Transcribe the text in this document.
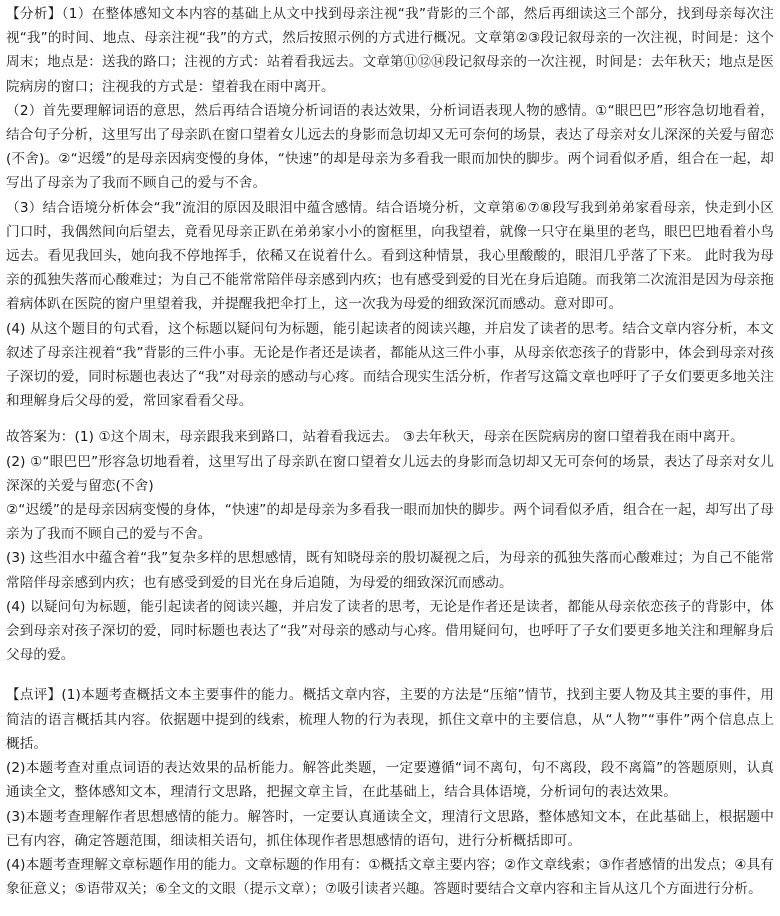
【分析】（1）在整体感知文本内容的基础上从文中找到母亲注视“我”背影的三个部，然后再细读这三个部分，找到母亲每次注视“我”的时间、地点、母亲注视“我”的方式，然后按照示例的方式进行概况。文章第②③段记叙母亲的一次注视，时间是：这个周末；地点是：送我的路口；注视的方式：站着看我远去。文章第⑪⑫⑭段记叙母亲的一次注视，时间是：去年秋天；地点是医院病房的窗口；注视我的方式是：望着我在雨中离开。

（2）首先要理解词语的意思，然后再结合语境分析词语的表达效果，分析词语表现人物的感情。①“眼巴巴”形容急切地看着，结合句子分析，这里写出了母亲趴在窗口望着女儿远去的身影而急切却又无可奈何的场景，表达了母亲对女儿深深的关爱与留恋(不舍)。②“迟缓”的是母亲因病变慢的身体，“快速”的却是母亲为多看我一眼而加快的脚步。两个词看似矛盾，组合在一起，却写出了母亲为了我而不顾自己的爱与不舍。

（3）结合语境分析体会“我”流泪的原因及眼泪中蕴含感情。结合语境分析，文章第⑥⑦⑧段写我到弟弟家看母亲，快走到小区门口时，我偶然间向后望去，竟看见母亲正趴在弟弟家小小的窗框里，向我望着，就像一只守在巢里的老鸟，眼巴巴地看着小鸟远去。看见我回头，她向我不停地挥手，依稀又在说着什么。看到这种情景，我心里酸酸的，眼泪几乎落了下来。 此时我为母亲的孤独失落而心酸难过；为自己不能常常陪伴母亲感到内疚；也有感受到爱的目光在身后追随。而我第二次流泪是因为母亲拖着病体趴在医院的窗户里望着我，并提醒我把伞打上，这一次我为母爱的细致深沉而感动。意对即可。

(4) 从这个题目的句式看，这个标题以疑问句为标题，能引起读者的阅读兴趣，并启发了读者的思考。结合文章内容分析，本文叙述了母亲注视着“我”背影的三件小事。无论是作者还是读者，都能从这三件小事，从母亲依恋孩子的背影中，体会到母亲对孩子深切的爱，同时标题也表达了“我”对母亲的感动与心疼。而结合现实生活分析，作者写这篇文章也呼吁了子女们要更多地关注和理解身后父母的爱，常回家看看父母。

故答案为：(1) ①这个周末，母亲跟我来到路口，站着看我远去。 ③去年秋天，母亲在医院病房的窗口望着我在雨中离开。

(2) ①“眼巴巴”形容急切地看着，这里写出了母亲趴在窗口望着女儿远去的身影而急切却又无可奈何的场景，表达了母亲对女儿深深的关爱与留恋(不舍)

②“迟缓”的是母亲因病变慢的身体，“快速”的却是母亲为多看我一眼而加快的脚步。两个词看似矛盾，组合在一起，却写出了母亲为了我而不顾自己的爱与不舍。

(3) 这些泪水中蕴含着“我”复杂多样的思想感情，既有知晓母亲的殷切凝视之后，为母亲的孤独失落而心酸难过；为自己不能常常陪伴母亲感到内疚；也有感受到爱的目光在身后追随，为母爱的细致深沉而感动。

(4) 以疑问句为标题，能引起读者的阅读兴趣，并启发了读者的思考，无论是作者还是读者，都能从母亲依恋孩子的背影中，体会到母亲对孩子深切的爱，同时标题也表达了“我”对母亲的感动与心疼。借用疑问句，也呼吁了子女们要更多地关注和理解身后父母的爱。

【点评】(1)本题考查概括文本主要事件的能力。概括文章内容，主要的方法是“压缩”情节，找到主要人物及其主要的事件，用简洁的语言概括其内容。依据题中提到的线索，梳理人物的行为表现，抓住文章中的主要信息，从“人物”“事件”两个信息点上概括。

(2)本题考查对重点词语的表达效果的品析能力。解答此类题，一定要遵循“词不离句，句不离段，段不离篇”的答题原则，认真通读全文，整体感知文本，理清行文思路，把握文章主旨，在此基础上，结合具体语境，分析词句的表达效果。

(3)本题考查理解作者思想感情的能力。解答时，一定要认真通读全文，理清行文思路，整体感知文本，在此基础上，根据题中已有内容，确定答题范围，细读相关语句，抓住体现作者思想感情的语句，进行分析概括即可。

(4)本题考查理解文章标题作用的能力。文章标题的作用有：①概括文章主要内容；②作文章线索；③作者感情的出发点；④具有象征意义；⑤语带双关；⑥全文的文眼（提示文章）；⑦吸引读者兴趣。答题时要结合文章内容和主旨从这几个方面进行分析。
